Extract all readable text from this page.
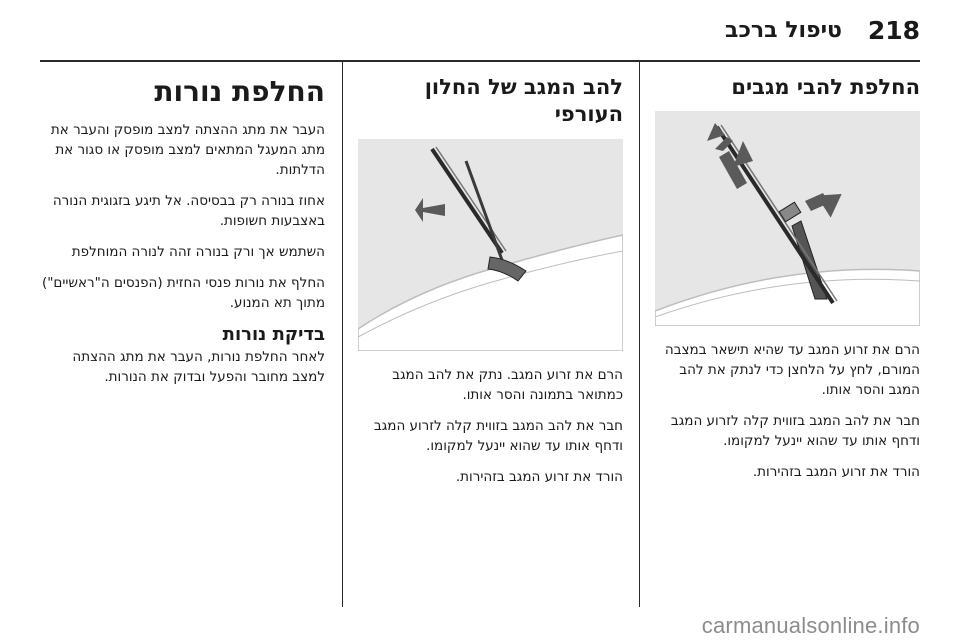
218
טיפול ברכב
החלפת להבי מגבים

הרם את זרוע המגב עד שהיא תישאר במצבה המורם, לחץ על הלחצן כדי לנתק את להב המגב והסר אותו.

חבר את להב המגב בזווית קלה לזרוע המגב ודחף אותו עד שהוא יינעל למקומו.

הורד את זרוע המגב בזהירות.

להב המגב של החלון העורפי

הרם את זרוע המגב. נתק את להב המגב כמתואר בתמונה והסר אותו.

חבר את להב המגב בזווית קלה לזרוע המגב ודחף אותו עד שהוא יינעל למקומו.

הורד את זרוע המגב בזהירות.

החלפת נורות

העבר את מתג ההצתה למצב מופסק והעבר את מתג המעגל המתאים למצב מופסק או סגור את הדלתות.

אחוז בנורה רק בבסיסה. אל תיגע בזגוגית הנורה באצבעות חשופות.

השתמש אך ורק בנורה זהה לנורה המוחלפת

החלף את נורות פנסי החזית (הפנסים ה"ראשיים") מתוך תא המנוע.

בדיקת נורות

לאחר החלפת נורות, העבר את מתג ההצתה למצב מחובר והפעל ובדוק את הנורות.

carmanualsonline.info
